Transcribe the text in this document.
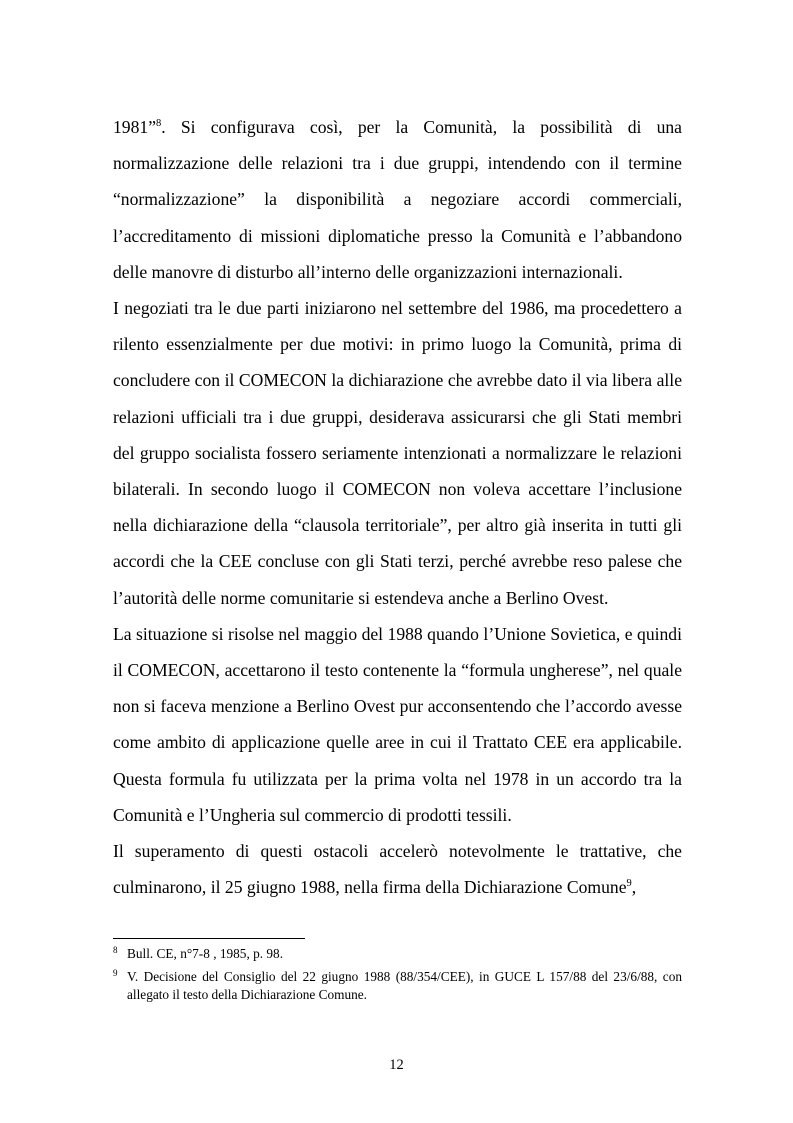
1981”$^8$. Si configurava così, per la Comunità, la possibilità di una normalizzazione delle relazioni tra i due gruppi, intendendo con il termine “normalizzazione” la disponibilità a negoziare accordi commerciali, l’accreditamento di missioni diplomatiche presso la Comunità e l’abbandono delle manovre di disturbo all’interno delle organizzazioni internazionali.

I negoziati tra le due parti iniziarono nel settembre del 1986, ma procedettero a rilento essenzialmente per due motivi: in primo luogo la Comunità, prima di concludere con il COMECON la dichiarazione che avrebbe dato il via libera alle relazioni ufficiali tra i due gruppi, desiderava assicurarsi che gli Stati membri del gruppo socialista fossero seriamente intenzionati a normalizzare le relazioni bilaterali. In secondo luogo il COMECON non voleva accettare l’inclusione nella dichiarazione della “clausola territoriale”, per altro già inserita in tutti gli accordi che la CEE concluse con gli Stati terzi, perché avrebbe reso palese che l’autorità delle norme comunitarie si estendeva anche a Berlino Ovest.

La situazione si risolse nel maggio del 1988 quando l’Unione Sovietica, e quindi il COMECON, accettarono il testo contenente la “formula ungherese”, nel quale non si faceva menzione a Berlino Ovest pur acconsentendo che l’accordo avesse come ambito di applicazione quelle aree in cui il Trattato CEE era applicabile. Questa formula fu utilizzata per la prima volta nel 1978 in un accordo tra la Comunità e l’Ungheria sul commercio di prodotti tessili.

Il superamento di questi ostacoli accelerò notevolmente le trattative, che culminarono, il 25 giugno 1988, nella firma della Dichiarazione Comune$^9$,

8 Bull. CE, n°7-8 , 1985, p. 98.

9 V. Decisione del Consiglio del 22 giugno 1988 (88/354/CEE), in GUCE L 157/88 del 23/6/88, con allegato il testo della Dichiarazione Comune.

12
